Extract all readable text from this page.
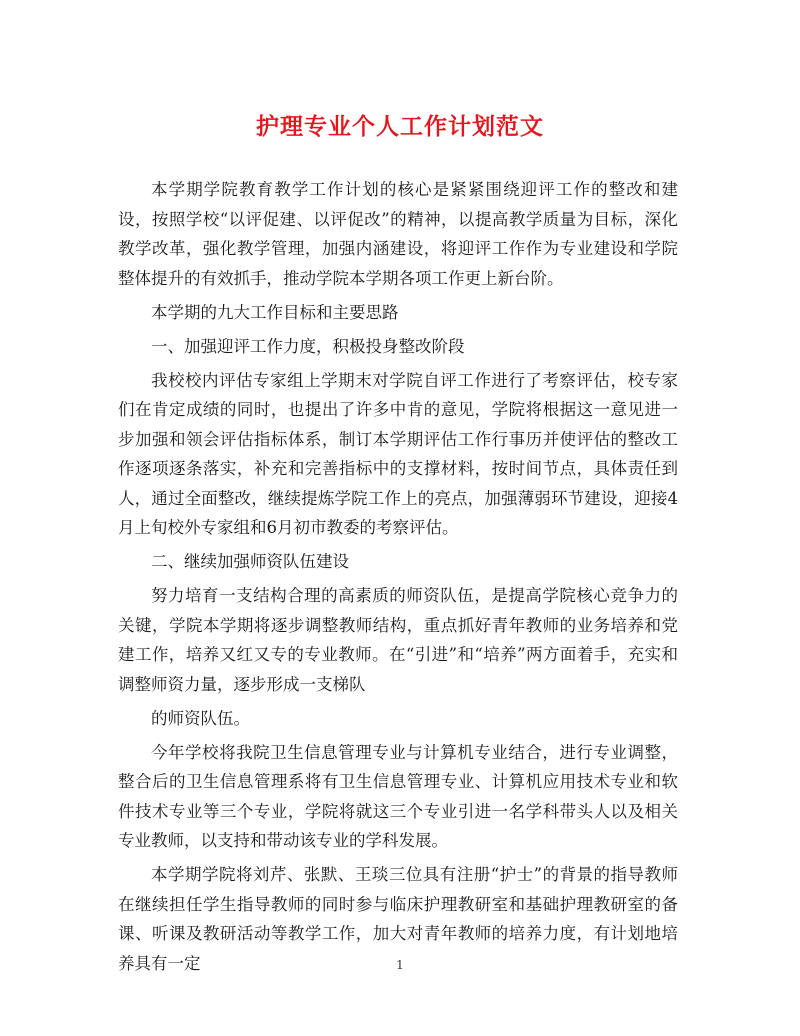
护理专业个人工作计划范文

本学期学院教育教学工作计划的核心是紧紧围绕迎评工作的整改和建设，按照学校“以评促建、以评促改”的精神，以提高教学质量为目标，深化教学改革，强化教学管理，加强内涵建设，将迎评工作作为专业建设和学院整体提升的有效抓手，推动学院本学期各项工作更上新台阶。

本学期的九大工作目标和主要思路

一、加强迎评工作力度，积极投身整改阶段

我校校内评估专家组上学期末对学院自评工作进行了考察评估，校专家们在肯定成绩的同时，也提出了许多中肯的意见，学院将根据这一意见进一步加强和领会评估指标体系，制订本学期评估工作行事历并使评估的整改工作逐项逐条落实，补充和完善指标中的支撑材料，按时间节点，具体责任到人，通过全面整改，继续提炼学院工作上的亮点，加强薄弱环节建设，迎接4月上旬校外专家组和6月初市教委的考察评估。

二、继续加强师资队伍建设

努力培育一支结构合理的高素质的师资队伍，是提高学院核心竞争力的关键，学院本学期将逐步调整教师结构，重点抓好青年教师的业务培养和党建工作，培养又红又专的专业教师。在“引进”和“培养”两方面着手，充实和调整师资力量，逐步形成一支梯队

的师资队伍。

今年学校将我院卫生信息管理专业与计算机专业结合，进行专业调整，整合后的卫生信息管理系将有卫生信息管理专业、计算机应用技术专业和软件技术专业等三个专业，学院将就这三个专业引进一名学科带头人以及相关专业教师，以支持和带动该专业的学科发展。

本学期学院将刘芹、张默、王琰三位具有注册“护士”的背景的指导教师在继续担任学生指导教师的同时参与临床护理教研室和基础护理教研室的备课、听课及教研活动等教学工作，加大对青年教师的培养力度，有计划地培养具有一定	1
